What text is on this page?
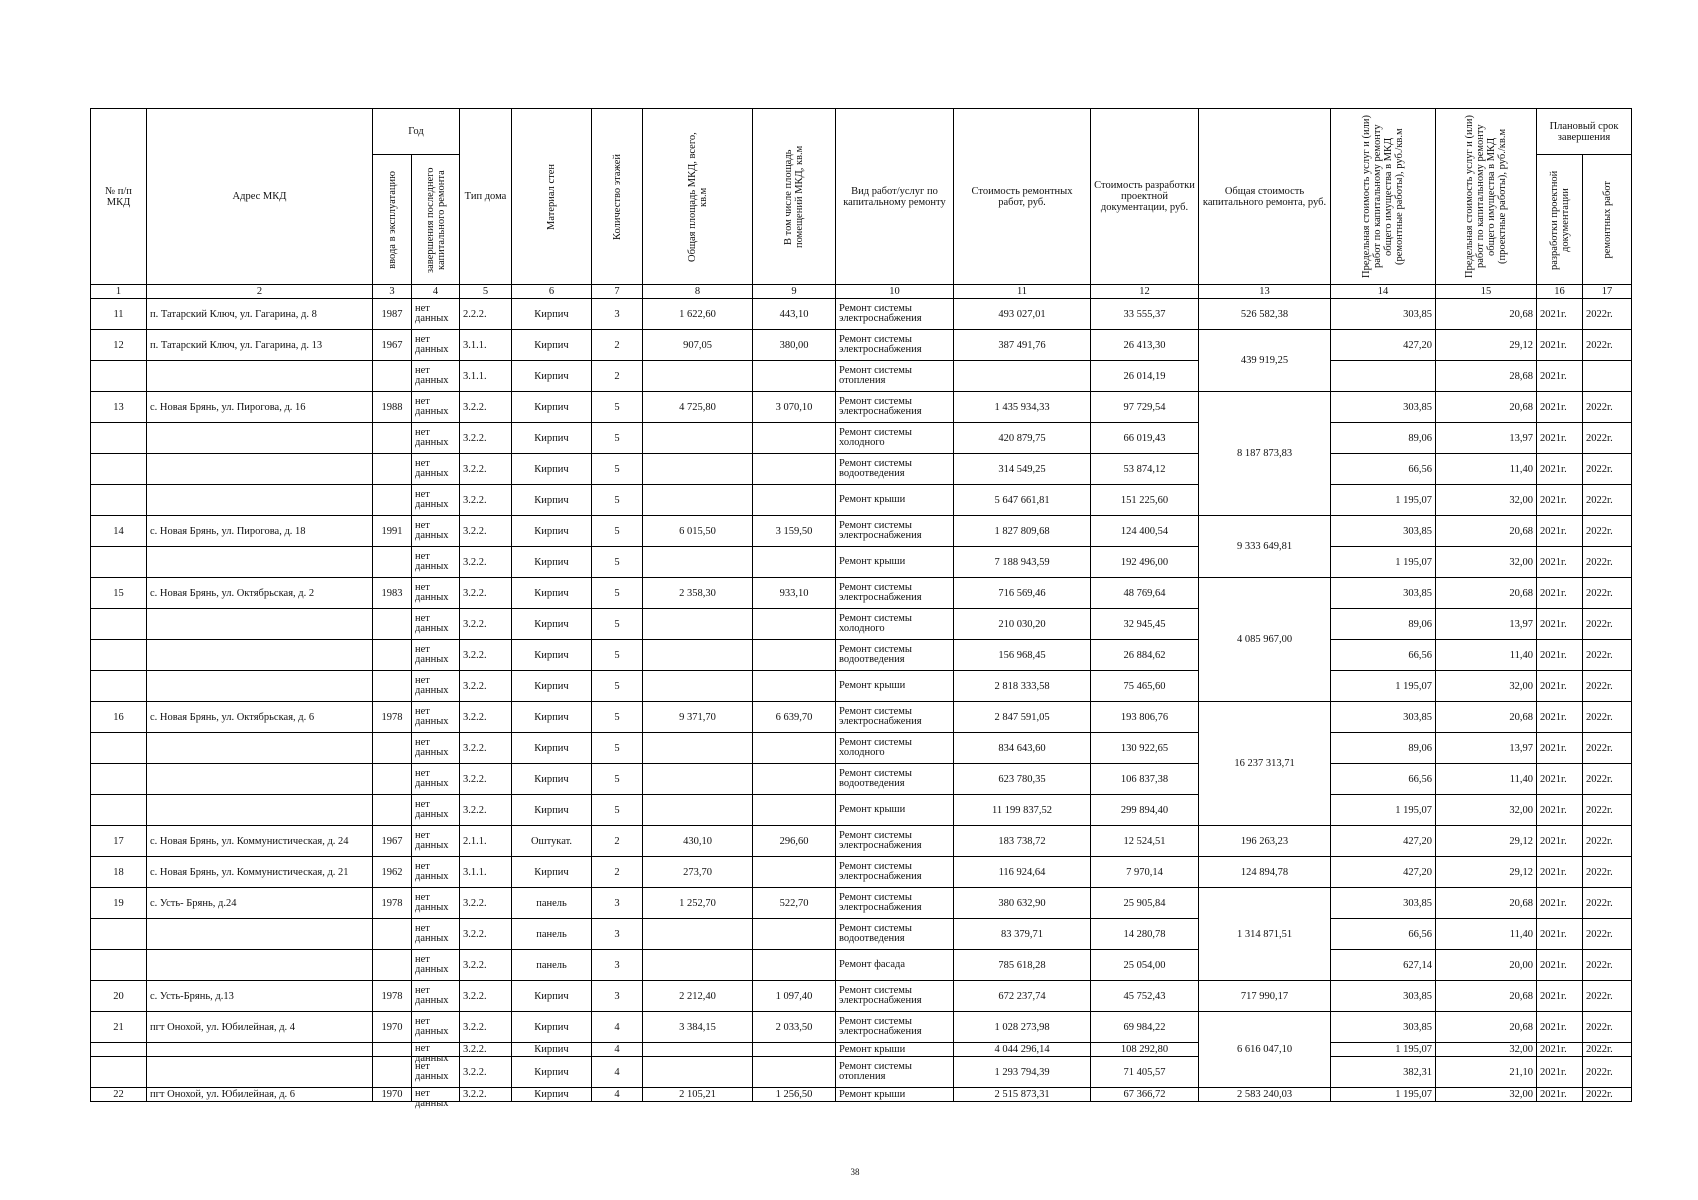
№ п/п МКД	Адрес МКД	Год		Тип дома	Материал стен	Количество этажей	Общая площадь МКД, всего, кв.м	В том числе площадь помещений МКД, кв.м	Вид работ/услуг по капитальному ремонту	Стоимость ремонтных работ, руб.	Стоимость разработки проектной документации, руб.	Общая стоимость капитального ремонта, руб.	Предельная стоимость услуг и (или) работ по капитальному ремонту общего имущества в МКД (ремонтные работы), руб./кв.м	Предельная стоимость услуг и (или) работ по капитальному ремонту общего имущества в МКД (проектные работы), руб./кв.м	Плановый срок завершения	

		ввода в эксплуатацию	завершения последнего капитального ремонта												разработки проектной документации	ремонтных работ

1	2	3	4	5	6	7	8	9	10	11	12	13	14	15	16	17
11	п. Татарский Ключ, ул. Гагарина, д. 8	1987	нет данных	2.2.2.	Кирпич	3	1 622,60	443,10	Ремонт системы электроснабжения	493 027,01	33 555,37	526 582,38	303,85	20,68	2021г.	2022г.
12	п. Татарский Ключ, ул. Гагарина, д. 13	1967	нет данных	3.1.1.	Кирпич	2	907,05	380,00	Ремонт системы электроснабжения	387 491,76	26 413,30	439 919,25	427,20	29,12	2021г.	2022г.

			нет данных	3.1.1.	Кирпич	2			Ремонт системы отопления		26 014,19			28,68	2021г.	
13	с. Новая Брянь, ул. Пирогова, д. 16	1988	нет данных	3.2.2.	Кирпич	5	4 725,80	3 070,10	Ремонт системы электроснабжения	1 435 934,33	97 729,54	8 187 873,83	303,85	20,68	2021г.	2022г.

			нет данных	3.2.2.	Кирпич	5			Ремонт системы холодного	420 879,75	66 019,43		89,06	13,97	2021г.	2022г.

			нет данных	3.2.2.	Кирпич	5			Ремонт системы водоотведения	314 549,25	53 874,12		66,56	11,40	2021г.	2022г.

			нет данных	3.2.2.	Кирпич	5			Ремонт крыши	5 647 661,81	151 225,60		1 195,07	32,00	2021г.	2022г.
14	с. Новая Брянь, ул. Пирогова, д. 18	1991	нет данных	3.2.2.	Кирпич	5	6 015,50	3 159,50	Ремонт системы электроснабжения	1 827 809,68	124 400,54	9 333 649,81	303,85	20,68	2021г.	2022г.

			нет данных	3.2.2.	Кирпич	5			Ремонт крыши	7 188 943,59	192 496,00		1 195,07	32,00	2021г.	2022г.
15	с. Новая Брянь, ул. Октябрьская, д. 2	1983	нет данных	3.2.2.	Кирпич	5	2 358,30	933,10	Ремонт системы электроснабжения	716 569,46	48 769,64	4 085 967,00	303,85	20,68	2021г.	2022г.

			нет данных	3.2.2.	Кирпич	5			Ремонт системы холодного	210 030,20	32 945,45		89,06	13,97	2021г.	2022г.

			нет данных	3.2.2.	Кирпич	5			Ремонт системы водоотведения	156 968,45	26 884,62		66,56	11,40	2021г.	2022г.

			нет данных	3.2.2.	Кирпич	5			Ремонт крыши	2 818 333,58	75 465,60		1 195,07	32,00	2021г.	2022г.
16	с. Новая Брянь, ул. Октябрьская, д. 6	1978	нет данных	3.2.2.	Кирпич	5	9 371,70	6 639,70	Ремонт системы электроснабжения	2 847 591,05	193 806,76	16 237 313,71	303,85	20,68	2021г.	2022г.

			нет данных	3.2.2.	Кирпич	5			Ремонт системы холодного	834 643,60	130 922,65		89,06	13,97	2021г.	2022г.

			нет данных	3.2.2.	Кирпич	5			Ремонт системы водоотведения	623 780,35	106 837,38		66,56	11,40	2021г.	2022г.

			нет данных	3.2.2.	Кирпич	5			Ремонт крыши	11 199 837,52	299 894,40		1 195,07	32,00	2021г.	2022г.
17	с. Новая Брянь, ул. Коммунистическая, д. 24	1967	нет данных	2.1.1.	Оштукат.	2	430,10	296,60	Ремонт системы электроснабжения	183 738,72	12 524,51	196 263,23	427,20	29,12	2021г.	2022г.
18	с. Новая Брянь, ул. Коммунистическая, д. 21	1962	нет данных	3.1.1.	Кирпич	2	273,70		Ремонт системы электроснабжения	116 924,64	7 970,14	124 894,78	427,20	29,12	2021г.	2022г.
19	с. Усть- Брянь, д.24	1978	нет данных	3.2.2.	панель	3	1 252,70	522,70	Ремонт системы электроснабжения	380 632,90	25 905,84	1 314 871,51	303,85	20,68	2021г.	2022г.

			нет данных	3.2.2.	панель	3			Ремонт системы водоотведения	83 379,71	14 280,78		66,56	11,40	2021г.	2022г.

			нет данных	3.2.2.	панель	3			Ремонт фасада	785 618,28	25 054,00		627,14	20,00	2021г.	2022г.
20	с. Усть-Брянь, д.13	1978	нет данных	3.2.2.	Кирпич	3	2 212,40	1 097,40	Ремонт системы электроснабжения	672 237,74	45 752,43	717 990,17	303,85	20,68	2021г.	2022г.
21	пгт Онохой, ул. Юбилейная, д. 4	1970	нет данных	3.2.2.	Кирпич	4	3 384,15	2 033,50	Ремонт системы электроснабжения	1 028 273,98	69 984,22	6 616 047,10	303,85	20,68	2021г.	2022г.

			нет данных	3.2.2.	Кирпич	4			Ремонт крыши	4 044 296,14	108 292,80		1 195,07	32,00	2021г.	2022г.

			нет данных	3.2.2.	Кирпич	4			Ремонт системы отопления	1 293 794,39	71 405,57		382,31	21,10	2021г.	2022г.
22	пгт Онохой, ул. Юбилейная, д. 6	1970	нет данных	3.2.2.	Кирпич	4	2 105,21	1 256,50	Ремонт крыши	2 515 873,31	67 366,72	2 583 240,03	1 195,07	32,00	2021г.	2022г.
38
